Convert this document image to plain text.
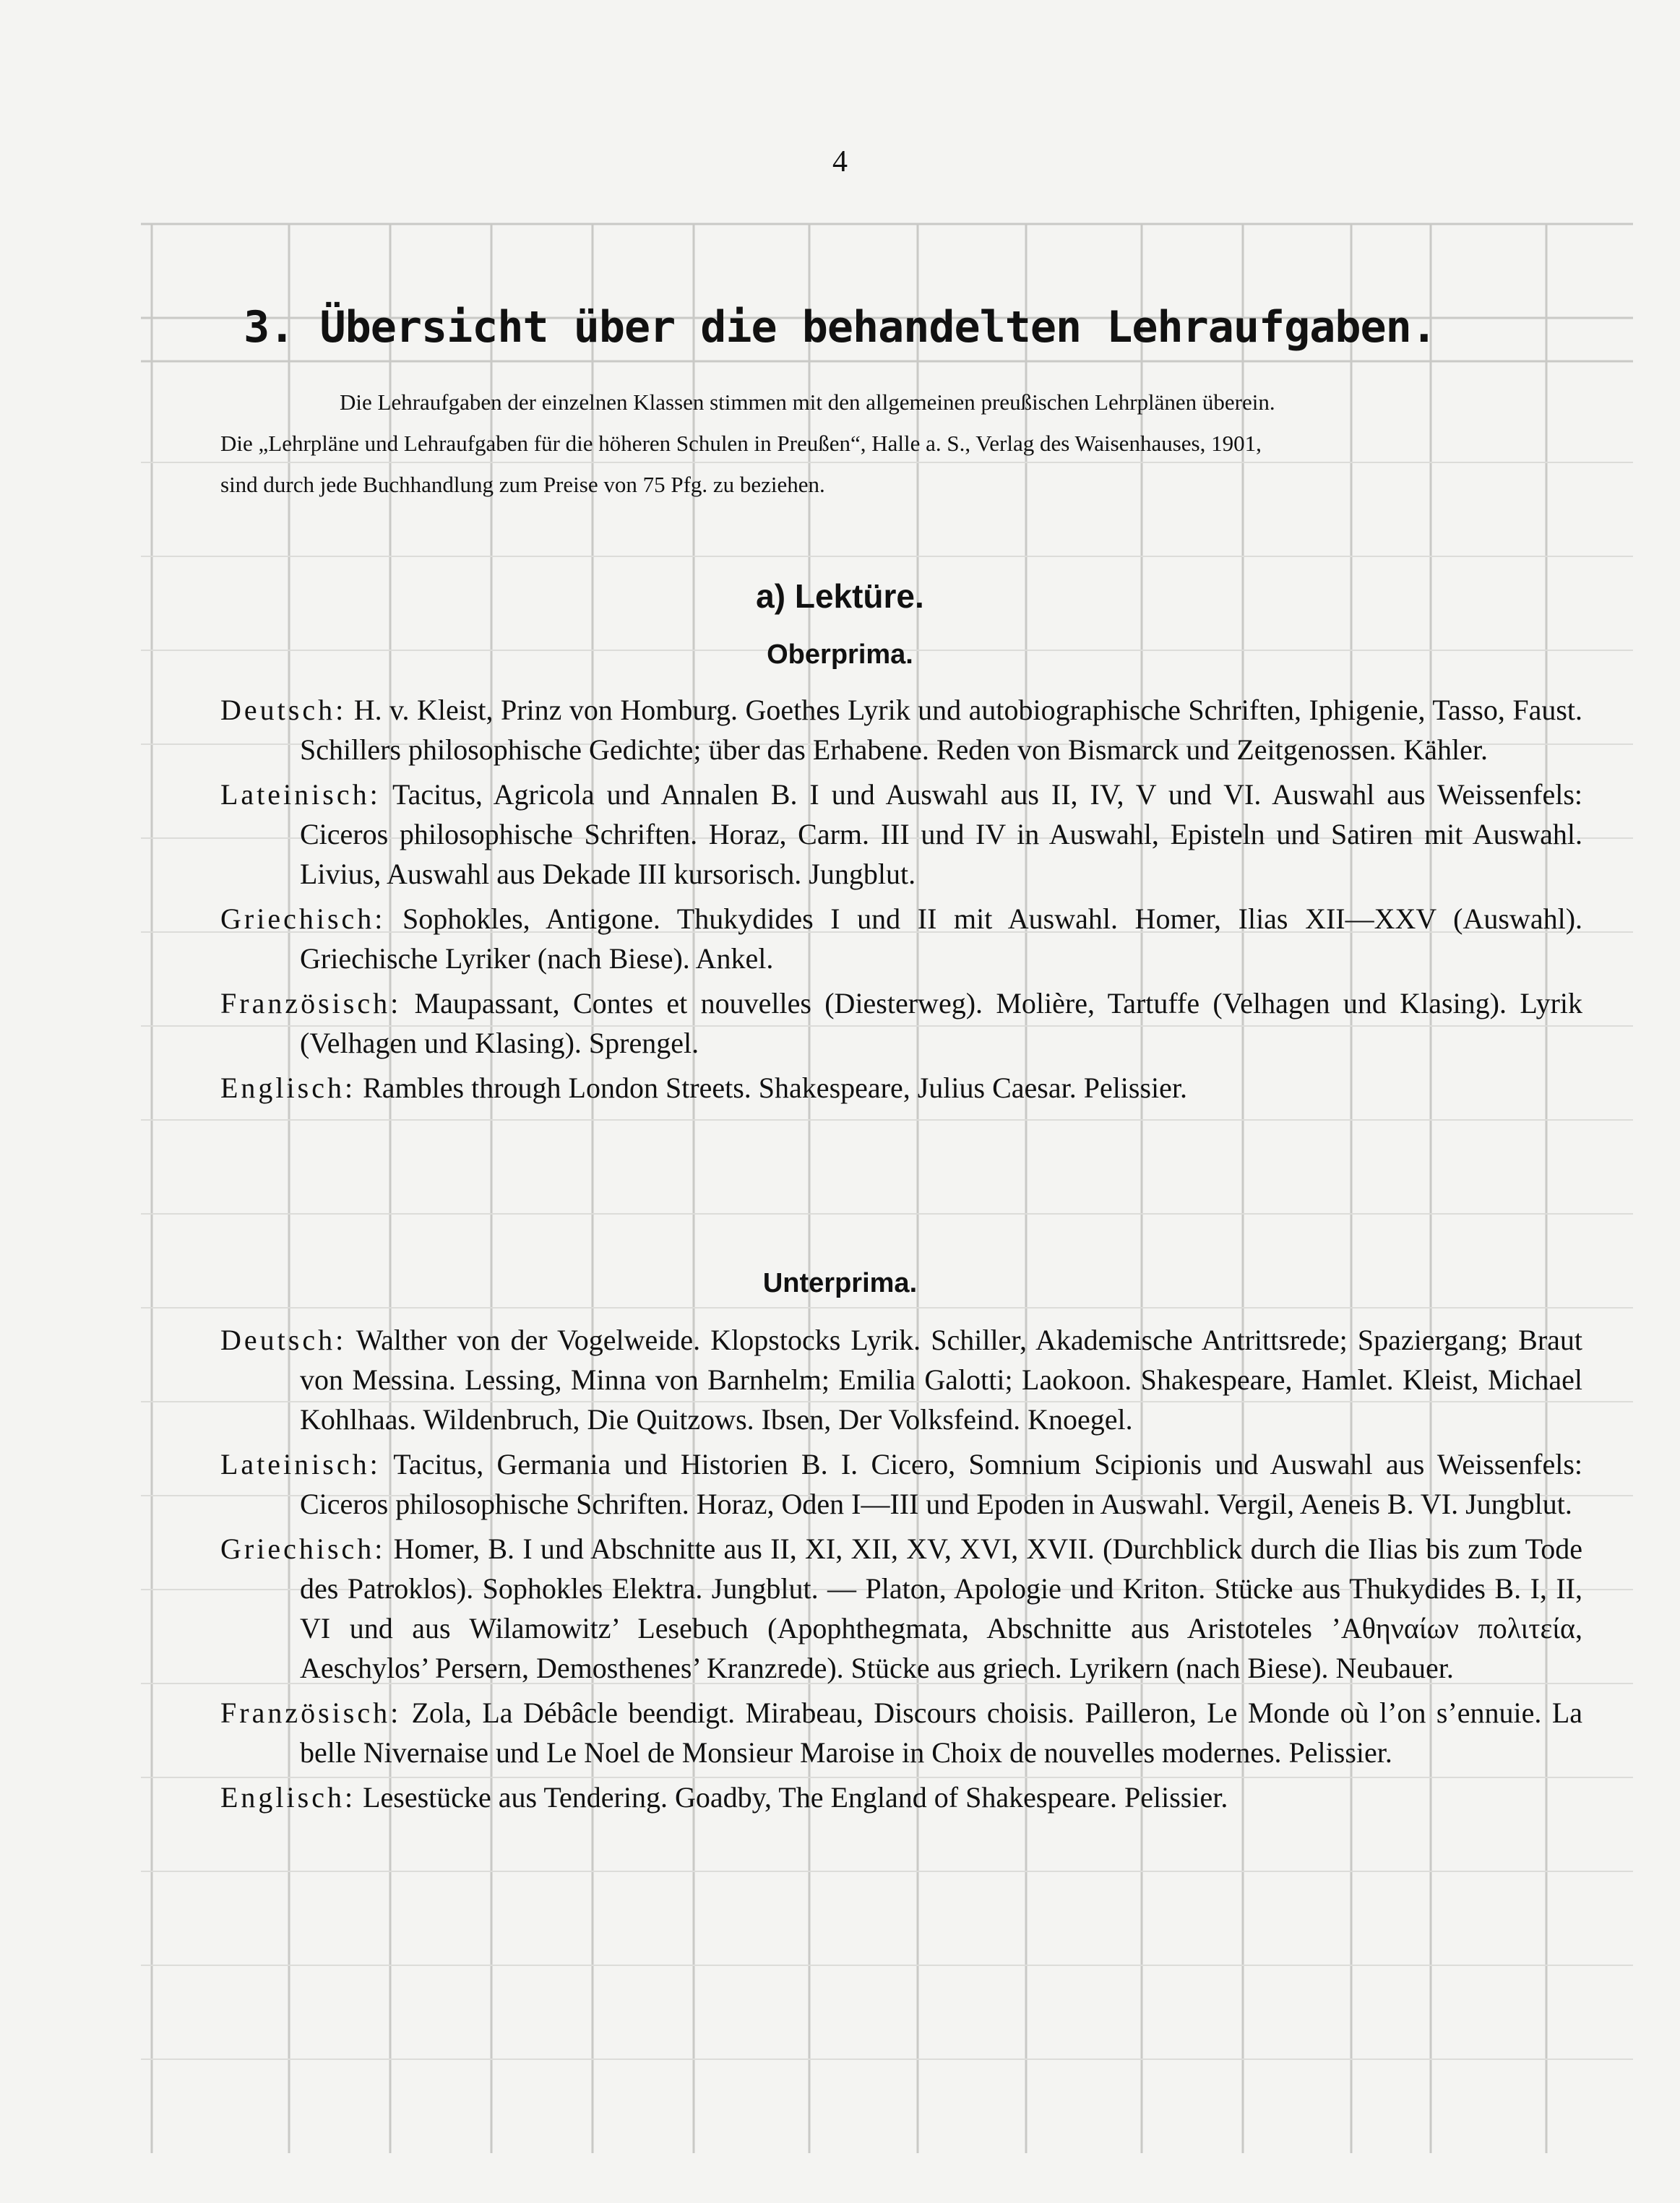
4
3. Übersicht über die behandelten Lehraufgaben.

Die Lehraufgaben der einzelnen Klassen stimmen mit den allgemeinen preußischen Lehrplänen überein.

Die „Lehrpläne und Lehraufgaben für die höheren Schulen in Preußen“, Halle a. S., Verlag des Waisenhauses, 1901,

sind durch jede Buchhandlung zum Preise von 75 Pfg. zu beziehen.

a) Lektüre.
Oberprima.

Deutsch: H. v. Kleist, Prinz von Homburg. Goethes Lyrik und autobiographische Schriften, Iphigenie, Tasso, Faust. Schillers philosophische Gedichte; über das Erhabene. Reden von Bismarck und Zeitgenossen. Kähler.

Lateinisch: Tacitus, Agricola und Annalen B. I und Auswahl aus II, IV, V und VI. Auswahl aus Weissenfels: Ciceros philosophische Schriften. Horaz, Carm. III und IV in Auswahl, Episteln und Satiren mit Auswahl. Livius, Auswahl aus Dekade III kursorisch. Jungblut.

Griechisch: Sophokles, Antigone. Thukydides I und II mit Auswahl. Homer, Ilias XII—XXV (Auswahl). Griechische Lyriker (nach Biese). Ankel.

Französisch: Maupassant, Contes et nouvelles (Diesterweg). Molière, Tartuffe (Velhagen und Klasing). Lyrik (Velhagen und Klasing). Sprengel.

Englisch: Rambles through London Streets. Shakespeare, Julius Caesar. Pelissier.

Unterprima.

Deutsch: Walther von der Vogelweide. Klopstocks Lyrik. Schiller, Akademische Antrittsrede; Spaziergang; Braut von Messina. Lessing, Minna von Barnhelm; Emilia Galotti; Laokoon. Shakespeare, Hamlet. Kleist, Michael Kohlhaas. Wildenbruch, Die Quitzows. Ibsen, Der Volksfeind. Knoegel.

Lateinisch: Tacitus, Germania und Historien B. I. Cicero, Somnium Scipionis und Auswahl aus Weissenfels: Ciceros philosophische Schriften. Horaz, Oden I—III und Epoden in Auswahl. Vergil, Aeneis B. VI. Jungblut.

Griechisch: Homer, B. I und Abschnitte aus II, XI, XII, XV, XVI, XVII. (Durchblick durch die Ilias bis zum Tode des Patroklos). Sophokles Elektra. Jungblut. — Platon, Apologie und Kriton. Stücke aus Thukydides B. I, II, VI und aus Wilamowitz’ Lesebuch (Apophthegmata, Abschnitte aus Aristoteles ’Αθηναίων πολιτεία, Aeschylos’ Persern, Demosthenes’ Kranzrede). Stücke aus griech. Lyrikern (nach Biese). Neubauer.

Französisch: Zola, La Débâcle beendigt. Mirabeau, Discours choisis. Pailleron, Le Monde où l’on s’ennuie. La belle Nivernaise und Le Noel de Monsieur Maroise in Choix de nouvelles modernes. Pelissier.

Englisch: Lesestücke aus Tendering. Goadby, The England of Shakespeare. Pelissier.
